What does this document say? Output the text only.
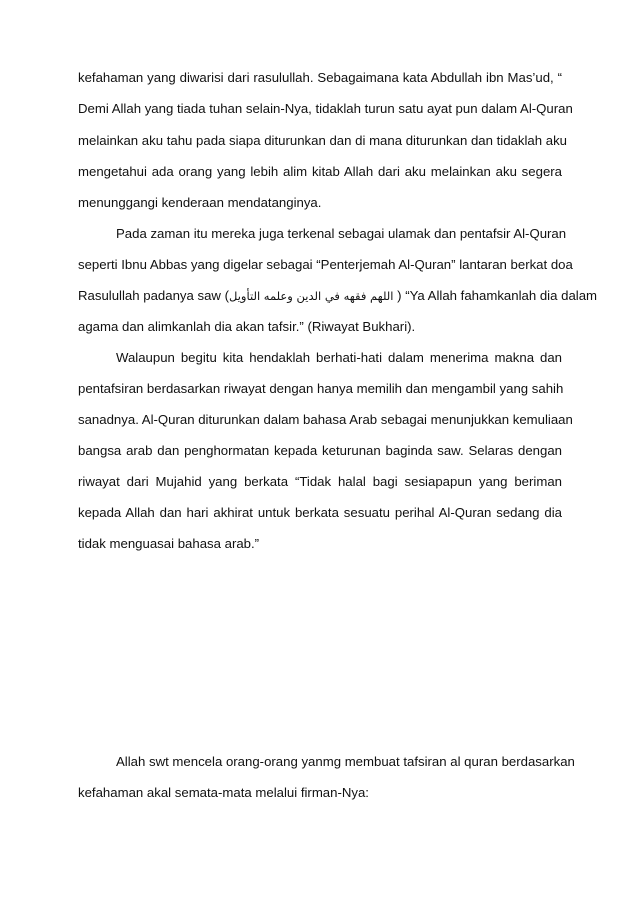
kefahaman yang diwarisi dari rasulullah. Sebagaimana kata Abdullah ibn Mas’ud, “
Demi Allah yang tiada tuhan selain-Nya, tidaklah turun satu ayat pun dalam Al-Quran
melainkan aku tahu pada siapa diturunkan dan di mana diturunkan dan tidaklah aku
mengetahui ada orang yang lebih alim kitab Allah dari aku melainkan aku segera
menunggangi kenderaan mendatanginya.
Pada zaman itu mereka juga terkenal sebagai ulamak dan pentafsir Al-Quran
seperti Ibnu Abbas yang digelar sebagai “Penterjemah Al-Quran” lantaran berkat doa
Rasulullah padanya saw (اللهم فقهه في الدين وعلمه التأويل ) “Ya Allah fahamkanlah dia dalam
agama dan alimkanlah dia akan tafsir.” (Riwayat Bukhari).
Walaupun begitu kita hendaklah berhati-hati dalam menerima makna dan
pentafsiran berdasarkan riwayat dengan hanya memilih dan mengambil yang sahih
sanadnya. Al-Quran diturunkan dalam bahasa Arab sebagai menunjukkan kemuliaan
bangsa arab dan penghormatan kepada keturunan baginda saw. Selaras dengan
riwayat dari Mujahid yang berkata “Tidak halal bagi sesiapapun yang beriman
kepada Allah dan hari akhirat untuk berkata sesuatu perihal Al-Quran sedang dia
tidak menguasai bahasa arab.”
Allah swt mencela orang-orang yanmg membuat tafsiran al quran berdasarkan
kefahaman akal semata-mata melalui firman-Nya:
